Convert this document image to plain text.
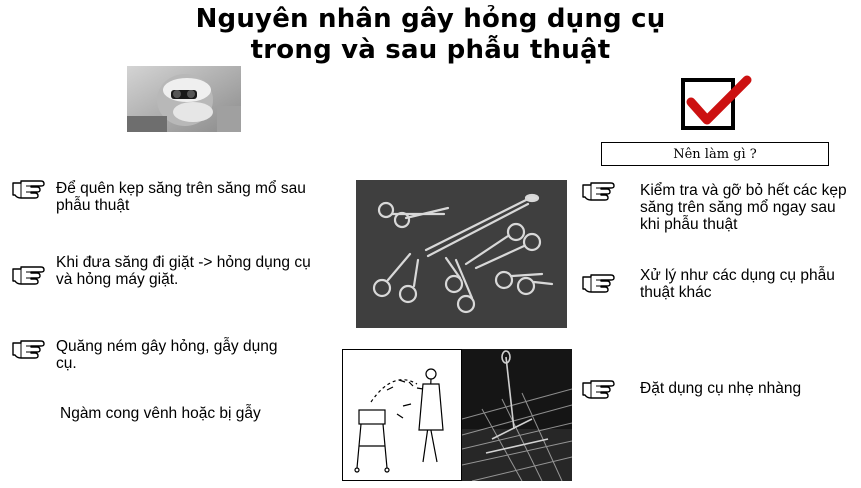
Nguyên nhân gây hỏng dụng cụ
trong và sau phẫu thuật
Nên làm gì ?
Để quên kẹp săng trên săng mổ sau phẫu thuật
Khi đưa săng đi giặt -> hỏng dụng cụ và hỏng máy giặt.
Quăng ném gây hỏng, gẫy dụng cụ.
Ngàm cong vênh hoặc bị gẫy
Kiểm tra và gỡ bỏ hết các kẹp săng trên săng mổ ngay sau khi phẫu thuật
Xử lý như các dụng cụ phẫu thuật khác
Đặt dụng cụ nhẹ nhàng
